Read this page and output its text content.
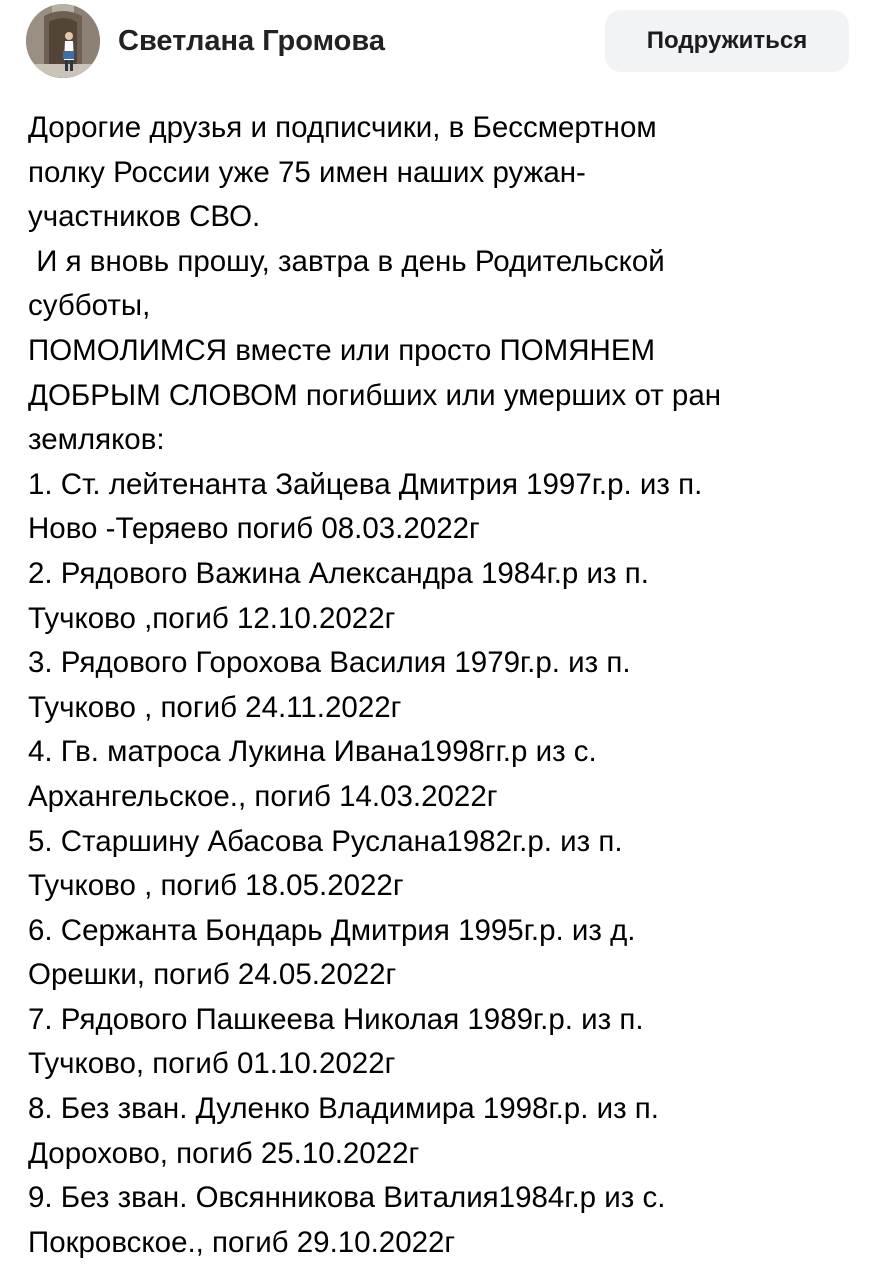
Светлана Громова	Подружиться
Дорогие друзья и подписчики, в Бессмертном
полку России уже 75 имен наших ружан-
участников СВО.
И я вновь прошу, завтра в день Родительской
субботы,
ПОМОЛИМСЯ вместе или просто ПОМЯНЕМ
ДОБРЫМ СЛОВОМ погибших или умерших от ран
земляков:
1. Ст. лейтенанта Зайцева Дмитрия 1997г.р. из п.
Ново -Теряево погиб 08.03.2022г
2. Рядового Важина Александра 1984г.р из п.
Тучково ,погиб 12.10.2022г
3. Рядового Горохова Василия 1979г.р. из п.
Тучково , погиб 24.11.2022г
4. Гв. матроса Лукина Ивана1998гг.р из с.
Архангельское., погиб 14.03.2022г
5. Старшину Абасова Руслана1982г.р. из п.
Тучково , погиб 18.05.2022г
6. Сержанта Бондарь Дмитрия 1995г.р. из д.
Орешки, погиб 24.05.2022г
7. Рядового Пашкеева Николая 1989г.р. из п.
Тучково, погиб 01.10.2022г
8. Без зван. Дуленко Владимира 1998г.р. из п.
Дорохово, погиб 25.10.2022г
9. Без зван. Овсянникова Виталия1984г.р из с.
Покровское., погиб 29.10.2022г
